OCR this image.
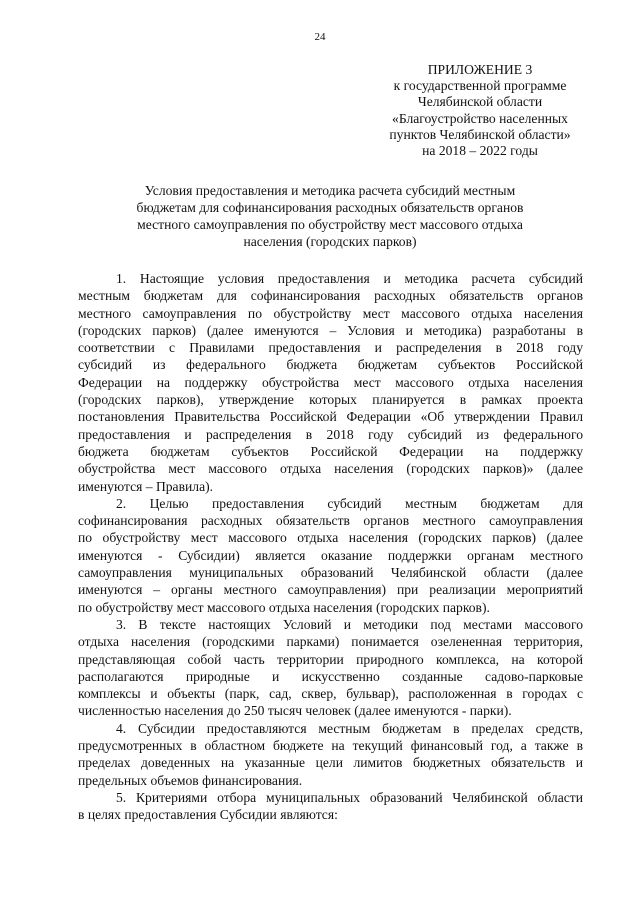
24
ПРИЛОЖЕНИЕ 3
к государственной программе
Челябинской области
«Благоустройство населенных
пунктов Челябинской области»
на 2018 – 2022 годы
Условия предоставления и методика расчета субсидий местным
бюджетам для софинансирования расходных обязательств органов
местного самоуправления по обустройству мест массового отдыха
населения (городских парков)
1. Настоящие условия предоставления и методика расчета субсидий
местным бюджетам для софинансирования расходных обязательств органов
местного самоуправления по обустройству мест массового отдыха населения
(городских парков) (далее именуются – Условия и методика) разработаны в
соответствии с Правилами предоставления и распределения в 2018 году
субсидий из федерального бюджета бюджетам субъектов Российской
Федерации на поддержку обустройства мест массового отдыха населения
(городских парков), утверждение которых планируется в рамках проекта
постановления Правительства Российской Федерации «Об утверждении Правил
предоставления и распределения в 2018 году субсидий из федерального
бюджета бюджетам субъектов Российской Федерации на поддержку
обустройства мест массового отдыха населения (городских парков)» (далее
именуются – Правила).
2. Целью предоставления субсидий местным бюджетам для
софинансирования расходных обязательств органов местного самоуправления
по обустройству мест массового отдыха населения (городских парков) (далее
именуются - Субсидии) является оказание поддержки органам местного
самоуправления муниципальных образований Челябинской области (далее
именуются – органы местного самоуправления) при реализации мероприятий
по обустройству мест массового отдыха населения (городских парков).
3. В тексте настоящих Условий и методики под местами массового
отдыха населения (городскими парками) понимается озелененная территория,
представляющая собой часть территории природного комплекса, на которой
располагаются природные и искусственно созданные садово-парковые
комплексы и объекты (парк, сад, сквер, бульвар), расположенная в городах с
численностью населения до 250 тысяч человек (далее именуются - парки).
4. Субсидии предоставляются местным бюджетам в пределах средств,
предусмотренных в областном бюджете на текущий финансовый год, а также в
пределах доведенных на указанные цели лимитов бюджетных обязательств и
предельных объемов финансирования.
5. Критериями отбора муниципальных образований Челябинской области
в целях предоставления Субсидии являются:
